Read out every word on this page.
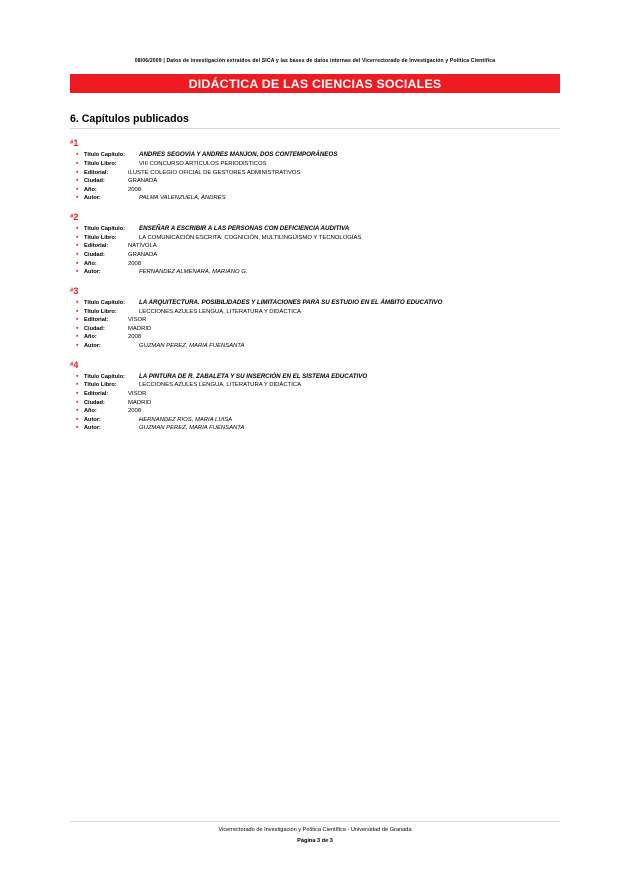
08/06/2009 | Datos de investigación extraídos del SICA y las bases de datos internas del Vicerrectorado de Investigación y Política Científica
DIDÁCTICA DE LAS CIENCIAS SOCIALES
6. Capítulos publicados
#1
▪ Título Capítulo:	ANDRES SEGOVIA Y ANDRES MANJON, DOS CONTEMPORÁNEOS
▪ Título Libro:	VIII CONCURSO ARTÍCULOS PERIODISTICOS
▪ Editorial:	ILUSTE COLEGIO OFICIAL DE GESTORES ADMINISTRATIVOS
▪ Ciudad:	GRANADA
▪ Año:	2008
▪ Autor:	PALMA VALENZUELA, ANDRÉS
#2
▪ Título Capítulo:	ENSEÑAR A ESCRIBIR A LAS PERSONAS CON DEFICIENCIA AUDITIVA
▪ Título Libro:	LA COMUNICACIÓN ESCRITA: COGNICIÓN, MULTILINGÜISMO Y TECNOLOGÍAS
▪ Editorial:	NATÍVOLA
▪ Ciudad:	GRANADA
▪ Año:	2008
▪ Autor:	FERNÁNDEZ ALMENARA, MARIANO G.
#3
▪ Título Capítulo:	LA ARQUITECTURA. POSIBILIDADES Y LIMITACIONES PARA SU ESTUDIO EN EL ÁMBITO EDUCATIVO
▪ Título Libro:	LECCIONES AZULES LENGUA, LITERATURA Y DIDÁCTICA
▪ Editorial:	VISOR
▪ Ciudad:	MADRID
▪ Año:	2008
▪ Autor:	GUZMAN PEREZ, MARIA FUENSANTA
#4
▪ Título Capítulo:	LA PINTURA DE R. ZABALETA Y SU INSERCIÓN EN EL SISTEMA EDUCATIVO
▪ Título Libro:	LECCIONES AZULES LENGUA, LITERATURA Y DIDÁCTICA
▪ Editorial:	VISOR
▪ Ciudad:	MADRID
▪ Año:	2008
▪ Autor:	HERNANDEZ RIOS, MARIA LUISA
▪ Autor:	GUZMAN PEREZ, MARIA FUENSANTA
Vicerrectorado de Investigación y Política Científica - Universidad de Granada
Página 3 de 3
